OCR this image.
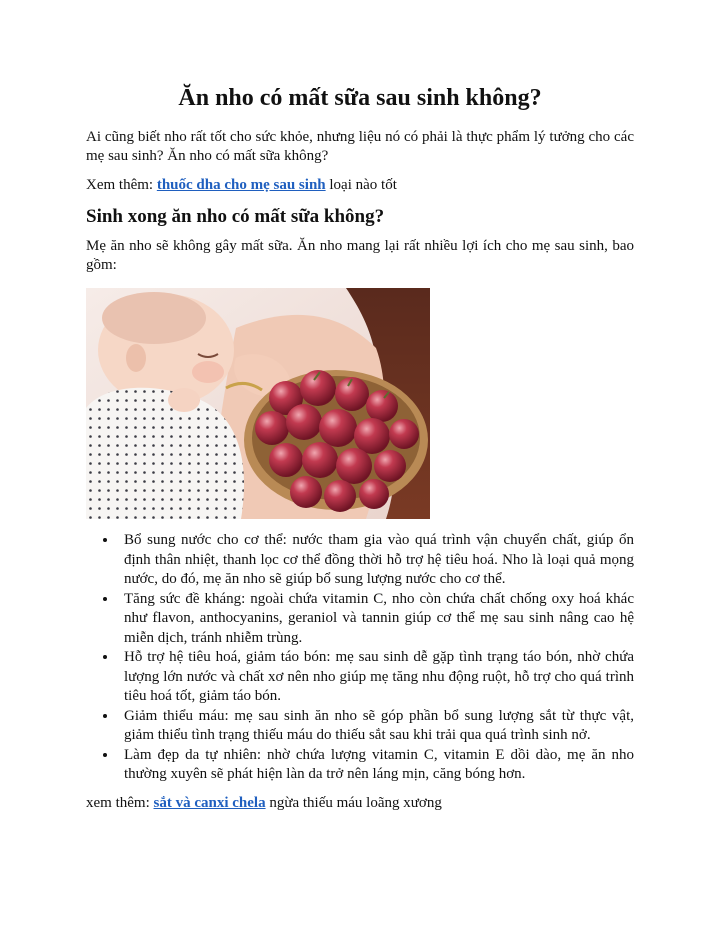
Ăn nho có mất sữa sau sinh không?

Ai cũng biết nho rất tốt cho sức khỏe, nhưng liệu nó có phải là thực phẩm lý tưởng cho các mẹ sau sinh? Ăn nho có mất sữa không?

Xem thêm: thuốc dha cho mẹ sau sinh loại nào tốt

Sinh xong ăn nho có mất sữa không?

Mẹ ăn nho sẽ không gây mất sữa. Ăn nho mang lại rất nhiều lợi ích cho mẹ sau sinh, bao gồm:

• Bổ sung nước cho cơ thể: nước tham gia vào quá trình vận chuyển chất, giúp ổn định thân nhiệt, thanh lọc cơ thể đồng thời hỗ trợ hệ tiêu hoá. Nho là loại quả mọng nước, do đó, mẹ ăn nho sẽ giúp bổ sung lượng nước cho cơ thể.
• Tăng sức đề kháng: ngoài chứa vitamin C, nho còn chứa chất chống oxy hoá khác như flavon, anthocyanins, geraniol và tannin giúp cơ thể mẹ sau sinh nâng cao hệ miễn dịch, tránh nhiễm trùng.
• Hỗ trợ hệ tiêu hoá, giảm táo bón: mẹ sau sinh dễ gặp tình trạng táo bón, nhờ chứa lượng lớn nước và chất xơ nên nho giúp mẹ tăng nhu động ruột, hỗ trợ cho quá trình tiêu hoá tốt, giảm táo bón.
• Giảm thiểu máu: mẹ sau sinh ăn nho sẽ góp phần bổ sung lượng sắt từ thực vật, giảm thiểu tình trạng thiếu máu do thiếu sắt sau khi trải qua quá trình sinh nở.
• Làm đẹp da tự nhiên: nhờ chứa lượng vitamin C, vitamin E dồi dào, mẹ ăn nho thường xuyên sẽ phát hiện làn da trở nên láng mịn, căng bóng hơn.

xem thêm: sắt và canxi chela ngừa thiếu máu loãng xương
